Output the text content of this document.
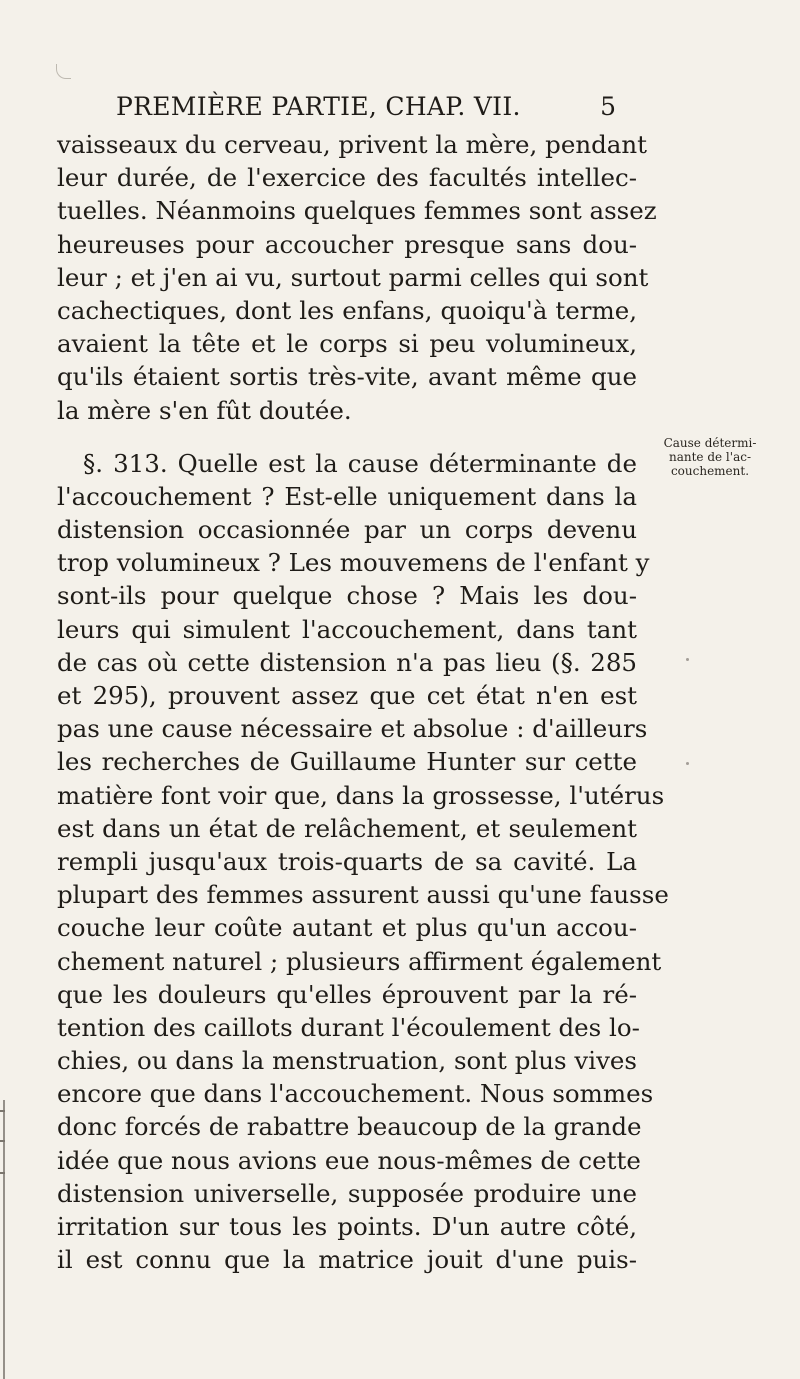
PREMIÈRE PARTIE, CHAP. VII.	5
vaisseaux du cerveau, privent la mère, pendant
leur durée, de l'exercice des facultés intellec-
tuelles. Néanmoins quelques femmes sont assez
heureuses pour accoucher presque sans dou-
leur ; et j'en ai vu, surtout parmi celles qui sont
cachectiques, dont les enfans, quoiqu'à terme,
avaient la tête et le corps si peu volumineux,
qu'ils étaient sortis très-vite, avant même que
la mère s'en fût doutée.
§. 313. Quelle est la cause déterminante de
l'accouchement ? Est-elle uniquement dans la
distension occasionnée par un corps devenu
trop volumineux ? Les mouvemens de l'enfant y
sont-ils pour quelque chose ? Mais les dou-
leurs qui simulent l'accouchement, dans tant
de cas où cette distension n'a pas lieu (§. 285
et 295), prouvent assez que cet état n'en est
pas une cause nécessaire et absolue : d'ailleurs
les recherches de Guillaume Hunter sur cette
matière font voir que, dans la grossesse, l'utérus
est dans un état de relâchement, et seulement
rempli jusqu'aux trois-quarts de sa cavité. La
plupart des femmes assurent aussi qu'une fausse
couche leur coûte autant et plus qu'un accou-
chement naturel ; plusieurs affirment également
que les douleurs qu'elles éprouvent par la ré-
tention des caillots durant l'écoulement des lo-
chies, ou dans la menstruation, sont plus vives
encore que dans l'accouchement. Nous sommes
donc forcés de rabattre beaucoup de la grande
idée que nous avions eue nous-mêmes de cette
distension universelle, supposée produire une
irritation sur tous les points. D'un autre côté,
il est connu que la matrice jouit d'une puis-
Cause détermi-
nante de l'ac-
couchement.
